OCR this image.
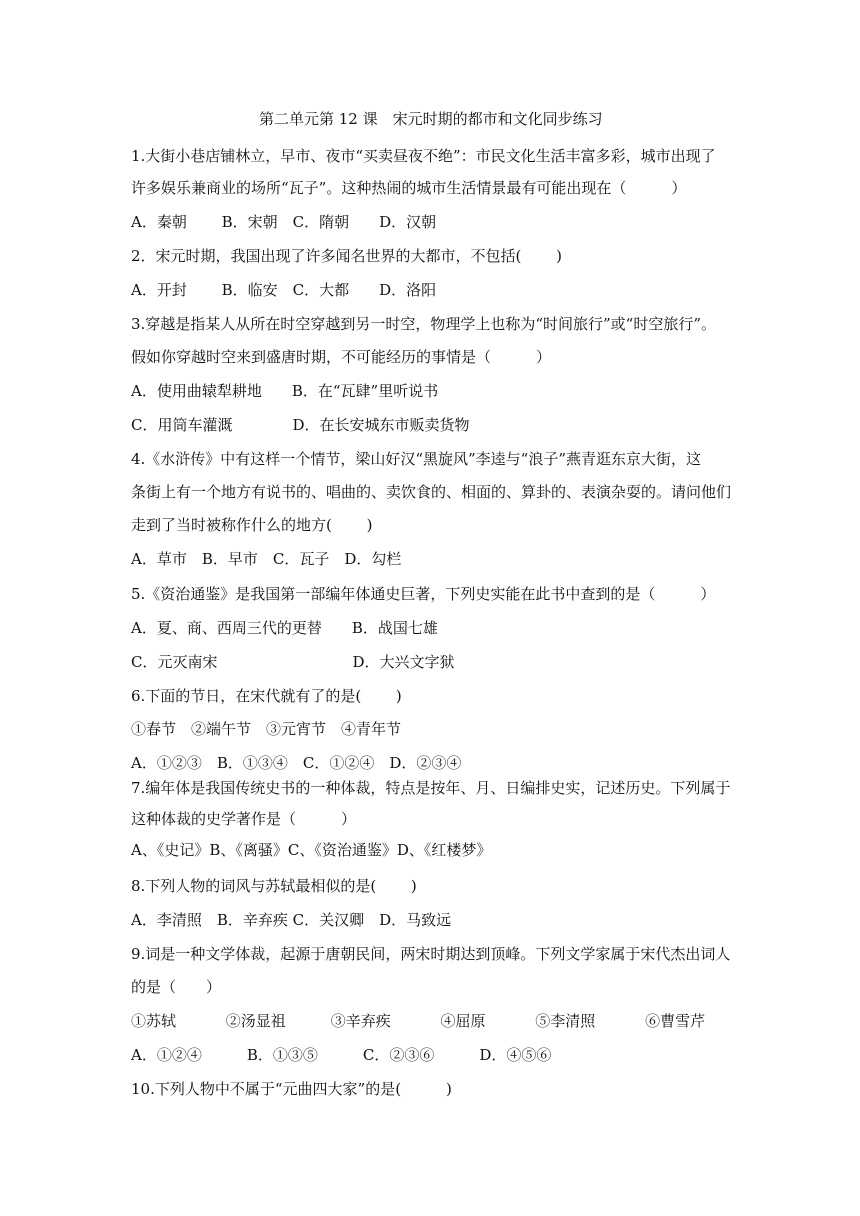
第二单元第 12 课　宋元时期的都市和文化同步练习
1.大街小巷店铺林立，早市、夜市“买卖昼夜不绝”：市民文化生活丰富多彩，城市出现了
许多娱乐兼商业的场所“瓦子”。这种热闹的城市生活情景最有可能出现在（　　　）
A．秦朝　　 B．宋朝　C．隋朝　　D．汉朝
2．宋元时期，我国出现了许多闻名世界的大都市，不包括(　　 )
A．开封　　 B．临安　C．大都　　D．洛阳
3.穿越是指某人从所在时空穿越到另一时空，物理学上也称为“时间旅行”或“时空旅行”。
假如你穿越时空来到盛唐时期，不可能经历的事情是（　　　）
A．使用曲辕犁耕地　　B．在“瓦肆”里听说书
C．用筒车灌溉　　　　D．在长安城东市贩卖货物
4.《水浒传》中有这样一个情节，梁山好汉“黑旋风”李逵与“浪子”燕青逛东京大街，这
条街上有一个地方有说书的、唱曲的、卖饮食的、相面的、算卦的、表演杂耍的。请问他们
走到了当时被称作什么的地方(　　 )
A．草市　B．早市　C．瓦子　D．勾栏
5.《资治通鉴》是我国第一部编年体通史巨著，下列史实能在此书中查到的是（　　　）
A．夏、商、西周三代的更替　　B．战国七雄
C．元灭南宋　　　　　　　　　D．大兴文字狱
6.下面的节日，在宋代就有了的是(　　 )
①春节　②端午节　③元宵节　④青年节
A．①②③　B．①③④　C．①②④　D．②③④
7.编年体是我国传统史书的一种体裁，特点是按年、月、日编排史实，记述历史。下列属于
这种体裁的史学著作是（　　　）
A、《史记》B、《离骚》C、《资治通鉴》D、《红楼梦》
8.下列人物的词风与苏轼最相似的是(　　 )
A．李清照　B．辛弃疾 C．关汉卿　D．马致远
9.词是一种文学体裁，起源于唐朝民间，两宋时期达到顶峰。下列文学家属于宋代杰出词人
的是（　　）
①苏轼　　　 ②汤显祖　　　③辛弃疾　　　 ④屈原　　　 ⑤李清照　　　 ⑥曹雪芹
A．①②④　　　B．①③⑤　　　C．②③⑥　　　D．④⑤⑥
10.下列人物中不属于“元曲四大家”的是(　　　)
